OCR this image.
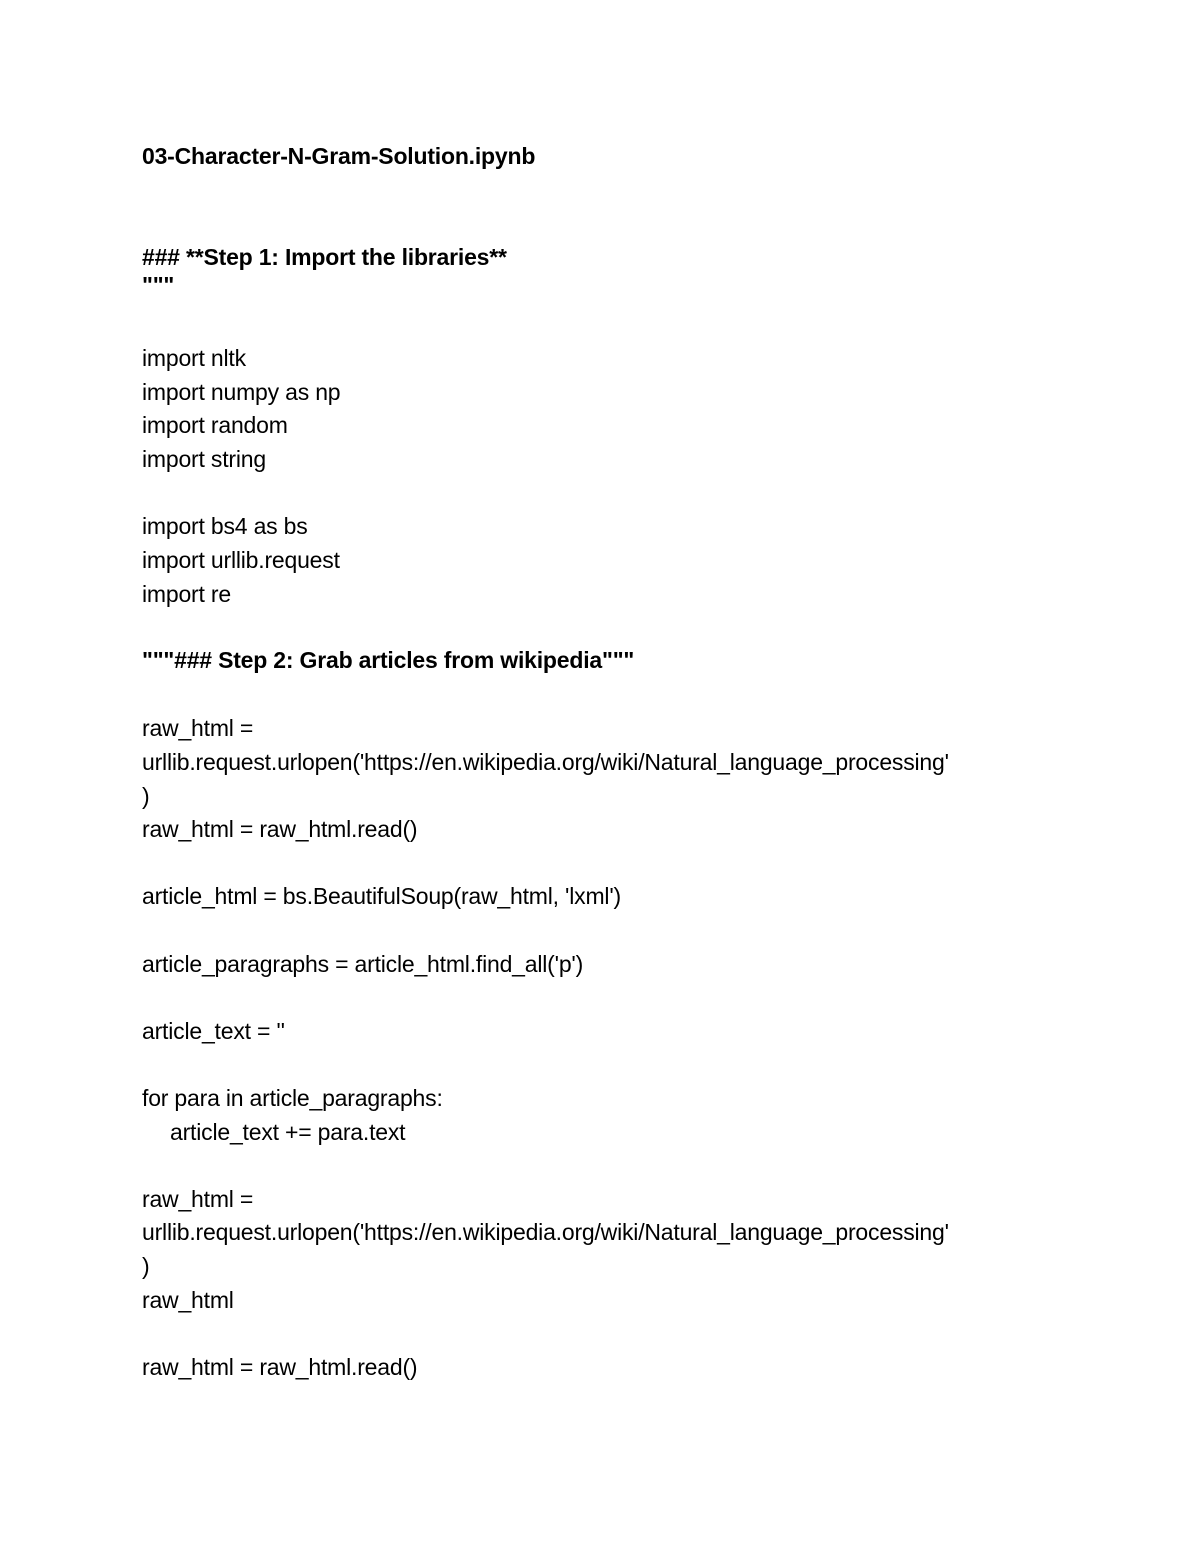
03-Character-N-Gram-Solution.ipynb
### **Step 1: Import the libraries**
"""
import nltk
import numpy as np
import random
import string
import bs4 as bs
import urllib.request
import re
"""### Step 2: Grab articles from wikipedia"""
raw_html =
urllib.request.urlopen('https://en.wikipedia.org/wiki/Natural_language_processing'
)
raw_html = raw_html.read()
article_html = bs.BeautifulSoup(raw_html, 'lxml')
article_paragraphs = article_html.find_all('p')
article_text = ''
for para in article_paragraphs:
article_text += para.text
raw_html =
urllib.request.urlopen('https://en.wikipedia.org/wiki/Natural_language_processing'
)
raw_html
raw_html = raw_html.read()
